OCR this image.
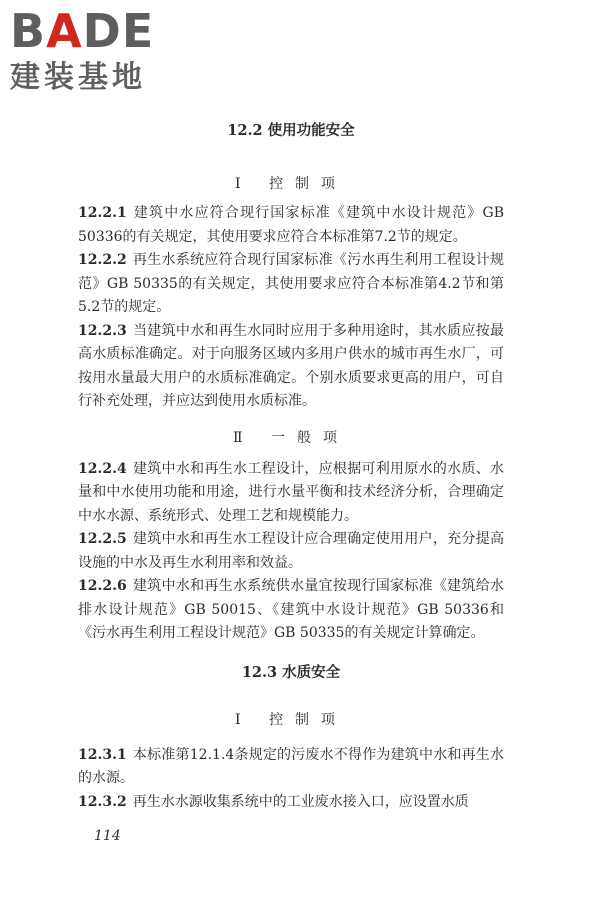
BADE
建装基地
12.2 使用功能安全
Ⅰ 控制项

12.2.1 建筑中水应符合现行国家标准《建筑中水设计规范》GB 50336的有关规定，其使用要求应符合本标准第7.2节的规定。

12.2.2 再生水系统应符合现行国家标准《污水再生利用工程设计规范》GB 50335的有关规定，其使用要求应符合本标准第4.2节和第5.2节的规定。

12.2.3 当建筑中水和再生水同时应用于多种用途时，其水质应按最高水质标准确定。对于向服务区域内多用户供水的城市再生水厂，可按用水量最大用户的水质标准确定。个别水质要求更高的用户，可自行补充处理，并应达到使用水质标准。

Ⅱ 一般项

12.2.4 建筑中水和再生水工程设计，应根据可利用原水的水质、水量和中水使用功能和用途，进行水量平衡和技术经济分析，合理确定中水水源、系统形式、处理工艺和规模能力。

12.2.5 建筑中水和再生水工程设计应合理确定使用用户，充分提高设施的中水及再生水利用率和效益。

12.2.6 建筑中水和再生水系统供水量宜按现行国家标准《建筑给水排水设计规范》GB 50015、《建筑中水设计规范》GB 50336和《污水再生利用工程设计规范》GB 50335的有关规定计算确定。

12.3 水质安全
Ⅰ 控制项

12.3.1 本标准第12.1.4条规定的污废水不得作为建筑中水和再生水的水源。

12.3.2 再生水水源收集系统中的工业废水接入口，应设置水质

114
